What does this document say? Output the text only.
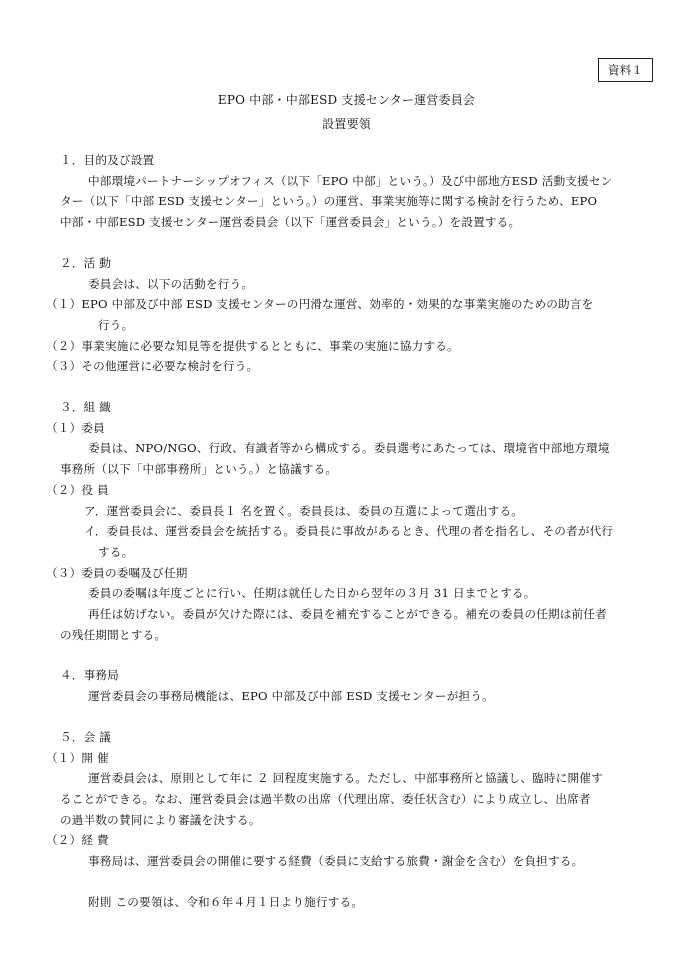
資料１
EPO 中部・中部ESD 支援センター運営委員会
設置要領
１．目的及び設置
中部環境パートナーシップオフィス（以下「EPO 中部」という。）及び中部地方ESD 活動支援セン
ター（以下「中部 ESD 支援センター」という。）の運営、事業実施等に関する検討を行うため、EPO
中部・中部ESD 支援センター運営委員会（以下「運営委員会」という。）を設置する。
２．活 動
委員会は、以下の活動を行う。
（１）EPO 中部及び中部 ESD 支援センターの円滑な運営、効率的・効果的な事業実施のための助言を
行う。
（２）事業実施に必要な知見等を提供するとともに、事業の実施に協力する。
（３）その他運営に必要な検討を行う。
３．組 織
（１）委員
委員は、NPO/NGO、行政、有識者等から構成する。委員選考にあたっては、環境省中部地方環境
事務所（以下「中部事務所」という。）と協議する。
（２）役 員
ア．運営委員会に、委員長１ 名を置く。委員長は、委員の互選によって選出する。
イ．委員長は、運営委員会を統括する。委員長に事故があるとき、代理の者を指名し、その者が代行
する。
（３）委員の委嘱及び任期
委員の委嘱は年度ごとに行い、任期は就任した日から翌年の３月 31 日までとする。
再任は妨げない。委員が欠けた際には、委員を補充することができる。補充の委員の任期は前任者
の残任期間とする。
４．事務局
運営委員会の事務局機能は、EPO 中部及び中部 ESD 支援センターが担う。
５．会 議
（１）開 催
運営委員会は、原則として年に ２ 回程度実施する。ただし、中部事務所と協議し、臨時に開催す
ることができる。なお、運営委員会は過半数の出席（代理出席、委任状含む）により成立し、出席者
の過半数の賛同により審議を決する。
（２）経 費
事務局は、運営委員会の開催に要する経費（委員に支給する旅費・謝金を含む）を負担する。
附則 この要領は、令和６年４月１日より施行する。
